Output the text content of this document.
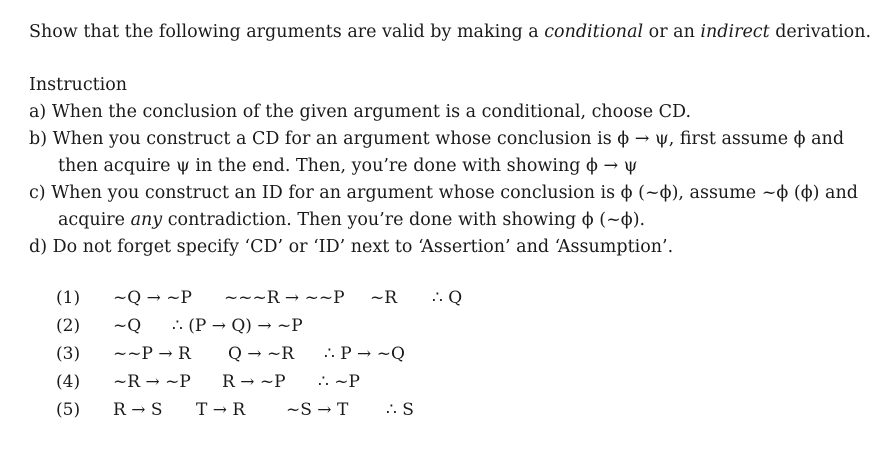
Show that the following arguments are valid by making a conditional or an indirect derivation.
Instruction
a) When the conclusion of the given argument is a conditional, choose CD.
b) When you construct a CD for an argument whose conclusion is ϕ → ψ, first assume ϕ and
then acquire ψ in the end. Then, you’re done with showing ϕ → ψ
c) When you construct an ID for an argument whose conclusion is ϕ (~ϕ), assume ~ϕ (ϕ) and
acquire any contradiction. Then you’re done with showing ϕ (~ϕ).
d) Do not forget specify ‘CD’ or ‘ID’ next to ‘Assertion’ and ‘Assumption’.
(1) ~Q → ~P ~~~R → ~~P ~R ∴ Q
(2) ~Q ∴ (P → Q) → ~P
(3) ~~P → R Q → ~R ∴ P → ~Q
(4) ~R → ~P R → ~P ∴ ~P
(5) R → S T → R ~S → T ∴ S
